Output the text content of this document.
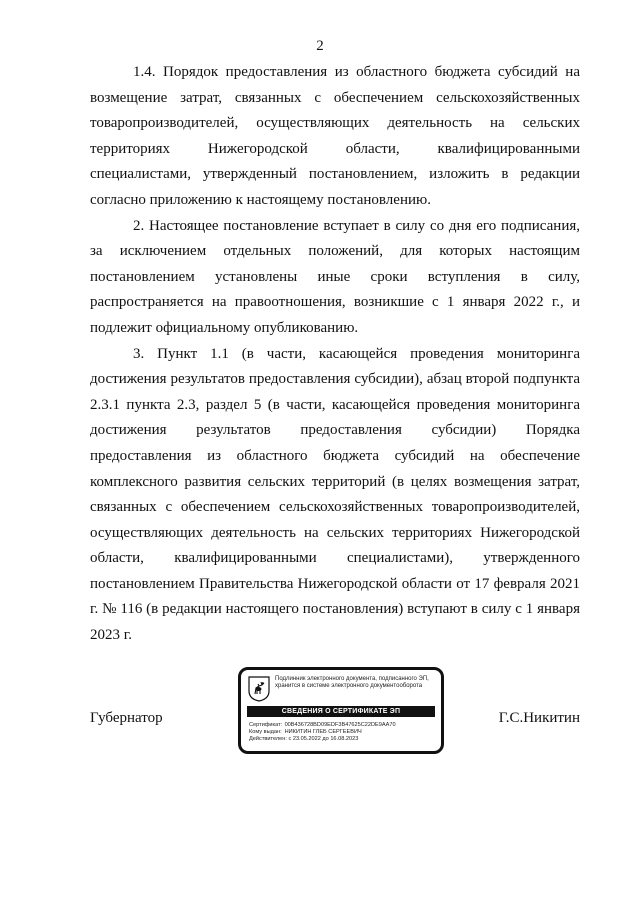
2

1.4. Порядок предоставления из областного бюджета субсидий на возмещение затрат, связанных с обеспечением сельскохозяйственных товаропроизводителей, осуществляющих деятельность на сельских территориях Нижегородской области, квалифицированными специалистами, утвержденный постановлением, изложить в редакции согласно приложению к настоящему постановлению.

2. Настоящее постановление вступает в силу со дня его подписания, за исключением отдельных положений, для которых настоящим постановлением установлены иные сроки вступления в силу, распространяется на правоотношения, возникшие с 1 января 2022 г., и подлежит официальному опубликованию.

3. Пункт 1.1 (в части, касающейся проведения мониторинга достижения результатов предоставления субсидии), абзац второй подпункта 2.3.1 пункта 2.3, раздел 5 (в части, касающейся проведения мониторинга достижения результатов предоставления субсидии) Порядка предоставления из областного бюджета субсидий на обеспечение комплексного развития сельских территорий (в целях возмещения затрат, связанных с обеспечением сельскохозяйственных товаропроизводителей, осуществляющих деятельность на сельских территориях Нижегородской области, квалифицированными специалистами), утвержденного постановлением Правительства Нижегородской области от 17 февраля 2021 г. № 116 (в редакции настоящего постановления) вступают в силу с 1 января 2023 г.

Губернатор
Подлинник электронного документа, подписанного ЭП, хранится в системе электронного документооборота
СВЕДЕНИЯ О СЕРТИФИКАТЕ ЭП
Сертификат: 00B436728BD09EDF3B47625C22DE9AA70
Кому выдан: НИКИТИН ГЛЕБ СЕРГЕЕВИЧ
Действителен: с 23.05.2022 до 16.08.2023
Г.С.Никитин
